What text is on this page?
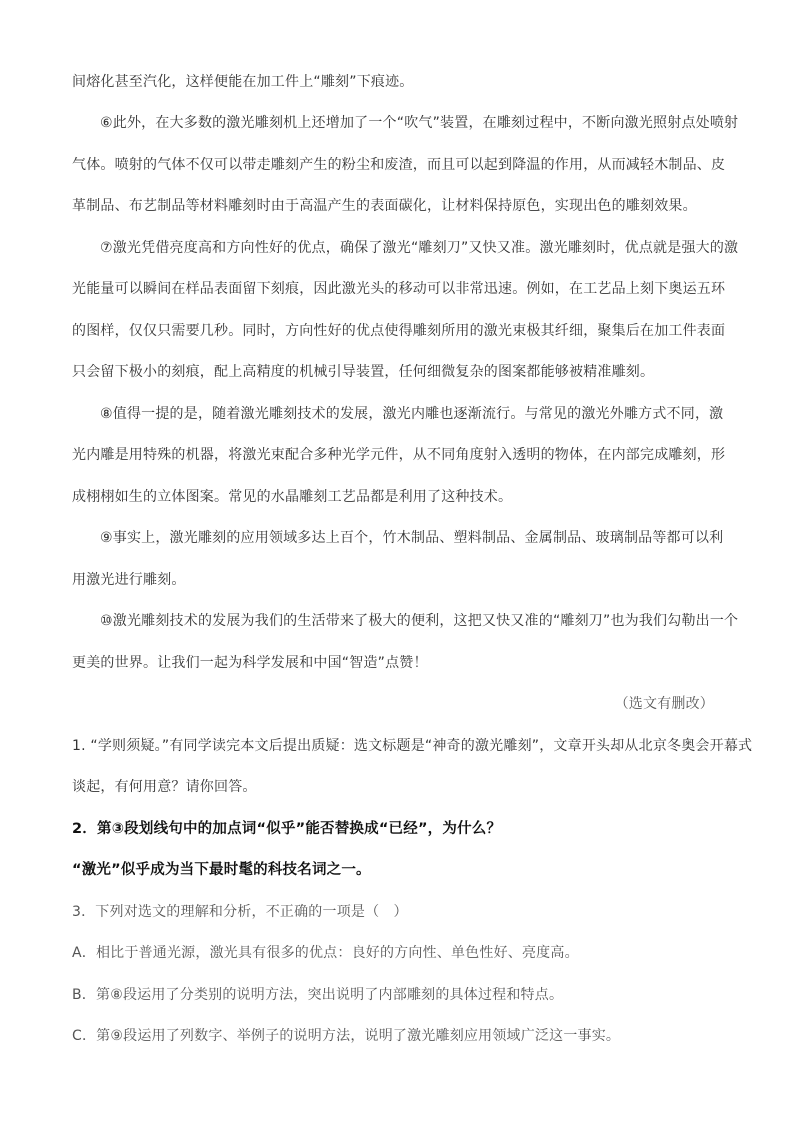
间熔化甚至汽化，这样便能在加工件上“雕刻”下痕迹。
⑥此外，在大多数的激光雕刻机上还增加了一个“吹气”装置，在雕刻过程中，不断向激光照射点处喷射
气体。喷射的气体不仅可以带走雕刻产生的粉尘和废渣，而且可以起到降温的作用，从而减轻木制品、皮
革制品、布艺制品等材料雕刻时由于高温产生的表面碳化，让材料保持原色，实现出色的雕刻效果。
⑦激光凭借亮度高和方向性好的优点，确保了激光“雕刻刀”又快又准。激光雕刻时，优点就是强大的激
光能量可以瞬间在样品表面留下刻痕，因此激光头的移动可以非常迅速。例如，在工艺品上刻下奥运五环
的图样，仅仅只需要几秒。同时，方向性好的优点使得雕刻所用的激光束极其纤细，聚集后在加工件表面
只会留下极小的刻痕，配上高精度的机械引导装置，任何细微复杂的图案都能够被精准雕刻。
⑧值得一提的是，随着激光雕刻技术的发展，激光内雕也逐渐流行。与常见的激光外雕方式不同，激
光内雕是用特殊的机器，将激光束配合多种光学元件，从不同角度射入透明的物体，在内部完成雕刻，形
成栩栩如生的立体图案。常见的水晶雕刻工艺品都是利用了这种技术。
⑨事实上，激光雕刻的应用领域多达上百个，竹木制品、塑料制品、金属制品、玻璃制品等都可以利
用激光进行雕刻。
⑩激光雕刻技术的发展为我们的生活带来了极大的便利，这把又快又准的“雕刻刀”也为我们勾勒出一个
更美的世界。让我们一起为科学发展和中国“智造”点赞！
（选文有删改）
1. “学则须疑。”有同学读完本文后提出质疑：选文标题是“神奇的激光雕刻”，文章开头却从北京冬奥会开幕式
谈起，有何用意？请你回答。
2．第③段划线句中的加点词“似乎”能否替换成“已经”，为什么？
“激光”似乎成为当下最时髦的科技名词之一。
3．下列对选文的理解和分析，不正确的一项是（　）
A．相比于普通光源，激光具有很多的优点：良好的方向性、单色性好、亮度高。
B．第⑧段运用了分类别的说明方法，突出说明了内部雕刻的具体过程和特点。
C．第⑨段运用了列数字、举例子的说明方法，说明了激光雕刻应用领域广泛这一事实。
